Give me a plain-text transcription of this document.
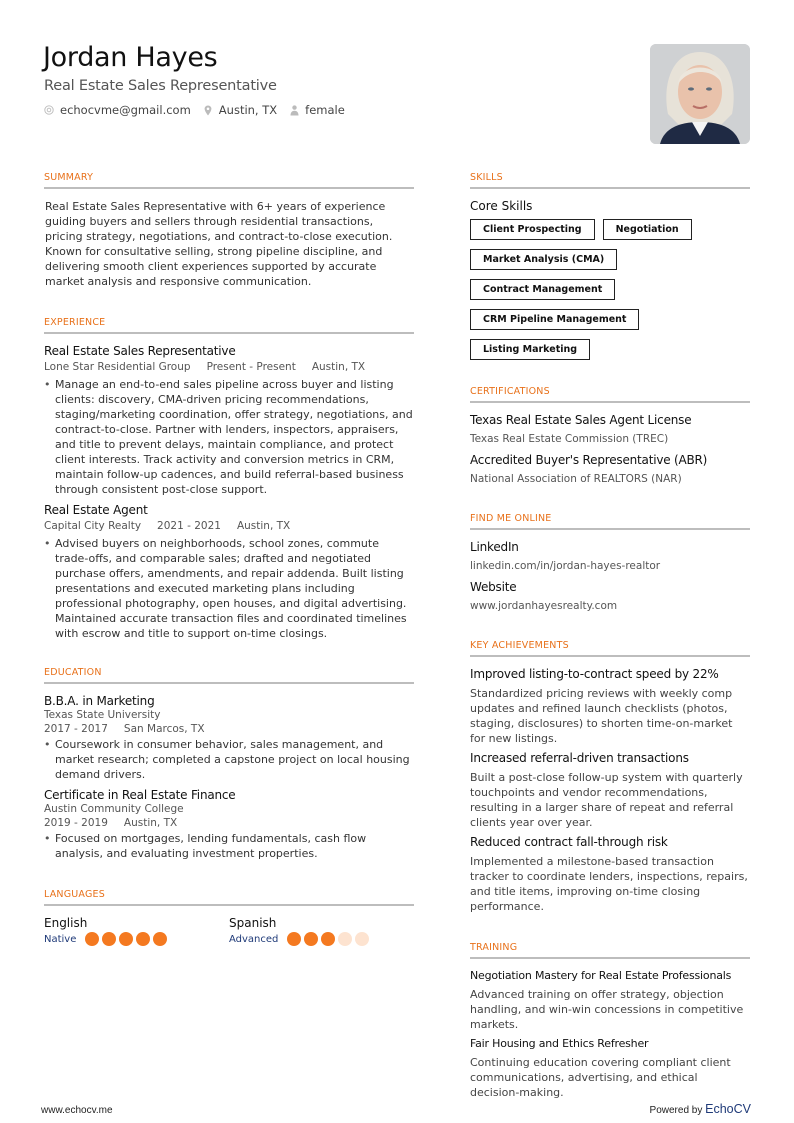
Jordan Hayes
Real Estate Sales Representative
echocvme@gmail.com Austin, TX female
SUMMARY
Real Estate Sales Representative with 6+ years of experience guiding buyers and sellers through residential transactions, pricing strategy, negotiations, and contract-to-close execution. Known for consultative selling, strong pipeline discipline, and delivering smooth client experiences supported by accurate market analysis and responsive communication.
EXPERIENCE
Real Estate Sales Representative
Lone Star Residential Group Present - Present Austin, TX
• Manage an end-to-end sales pipeline across buyer and listing clients: discovery, CMA-driven pricing recommendations, staging/marketing coordination, offer strategy, negotiations, and contract-to-close. Partner with lenders, inspectors, appraisers, and title to prevent delays, maintain compliance, and protect client interests. Track activity and conversion metrics in CRM, maintain follow-up cadences, and build referral-based business through consistent post-close support.
Real Estate Agent
Capital City Realty 2021 - 2021 Austin, TX
• Advised buyers on neighborhoods, school zones, commute trade-offs, and comparable sales; drafted and negotiated purchase offers, amendments, and repair addenda. Built listing presentations and executed marketing plans including professional photography, open houses, and digital advertising. Maintained accurate transaction files and coordinated timelines with escrow and title to support on-time closings.
EDUCATION
B.B.A. in Marketing
Texas State University
2017 - 2017 San Marcos, TX
• Coursework in consumer behavior, sales management, and market research; completed a capstone project on local housing demand drivers.
Certificate in Real Estate Finance
Austin Community College
2019 - 2019 Austin, TX
• Focused on mortgages, lending fundamentals, cash flow analysis, and evaluating investment properties.
LANGUAGES
English
Native
Spanish
Advanced
SKILLS
Core Skills
Client Prospecting	Negotiation
Market Analysis (CMA)
Contract Management
CRM Pipeline Management
Listing Marketing
CERTIFICATIONS
Texas Real Estate Sales Agent License
Texas Real Estate Commission (TREC)
Accredited Buyer's Representative (ABR)
National Association of REALTORS (NAR)
FIND ME ONLINE
LinkedIn
linkedin.com/in/jordan-hayes-realtor
Website
www.jordanhayesrealty.com
KEY ACHIEVEMENTS
Improved listing-to-contract speed by 22%
Standardized pricing reviews with weekly comp updates and refined launch checklists (photos, staging, disclosures) to shorten time-on-market for new listings.
Increased referral-driven transactions
Built a post-close follow-up system with quarterly touchpoints and vendor recommendations, resulting in a larger share of repeat and referral clients year over year.
Reduced contract fall-through risk
Implemented a milestone-based transaction tracker to coordinate lenders, inspections, repairs, and title items, improving on-time closing performance.
TRAINING
Negotiation Mastery for Real Estate Professionals
Advanced training on offer strategy, objection handling, and win-win concessions in competitive markets.
Fair Housing and Ethics Refresher
Continuing education covering compliant client communications, advertising, and ethical decision-making.
www.echocv.me	Powered by EchoCV
